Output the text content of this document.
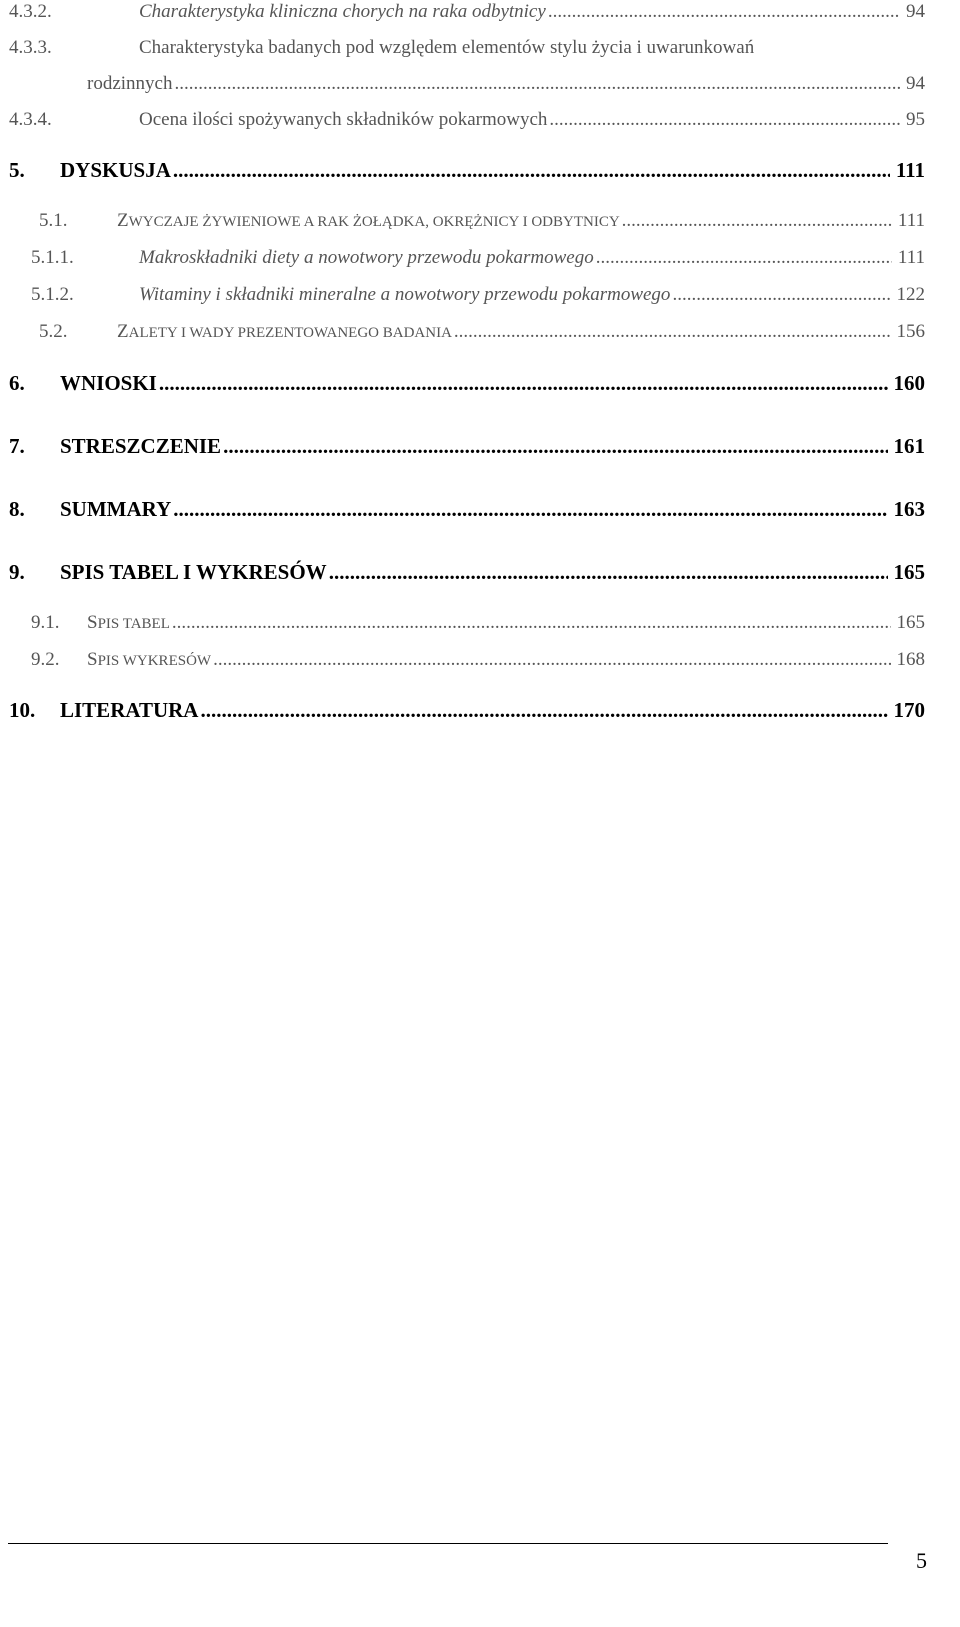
4.3.2.	Charakterystyka kliniczna chorych na raka odbytnicy .....	94
4.3.3.	Charakterystyka badanych pod względem elementów stylu życia i uwarunkowań
rodzinnych .....	94
4.3.4.	Ocena ilości spożywanych składników pokarmowych .....	95
5.	DYSKUSJA .....	111
5.1.	ZWYCZAJE ŻYWIENIOWE A RAK ŻOŁĄDKA, OKRĘŻNICY I ODBYTNICY .....	111
5.1.1.	Makroskładniki diety a nowotwory przewodu pokarmowego .....	111
5.1.2.	Witaminy i składniki mineralne a nowotwory przewodu pokarmowego .....	122
5.2.	ZALETY I WADY PREZENTOWANEGO BADANIA .....	156
6.	WNIOSKI .....	160
7.	STRESZCZENIE .....	161
8.	SUMMARY .....	163
9.	SPIS TABEL I WYKRESÓW .....	165
9.1.	SPIS TABEL .....	165
9.2.	SPIS WYKRESÓW .....	168
10.	LITERATURA .....	170
5
